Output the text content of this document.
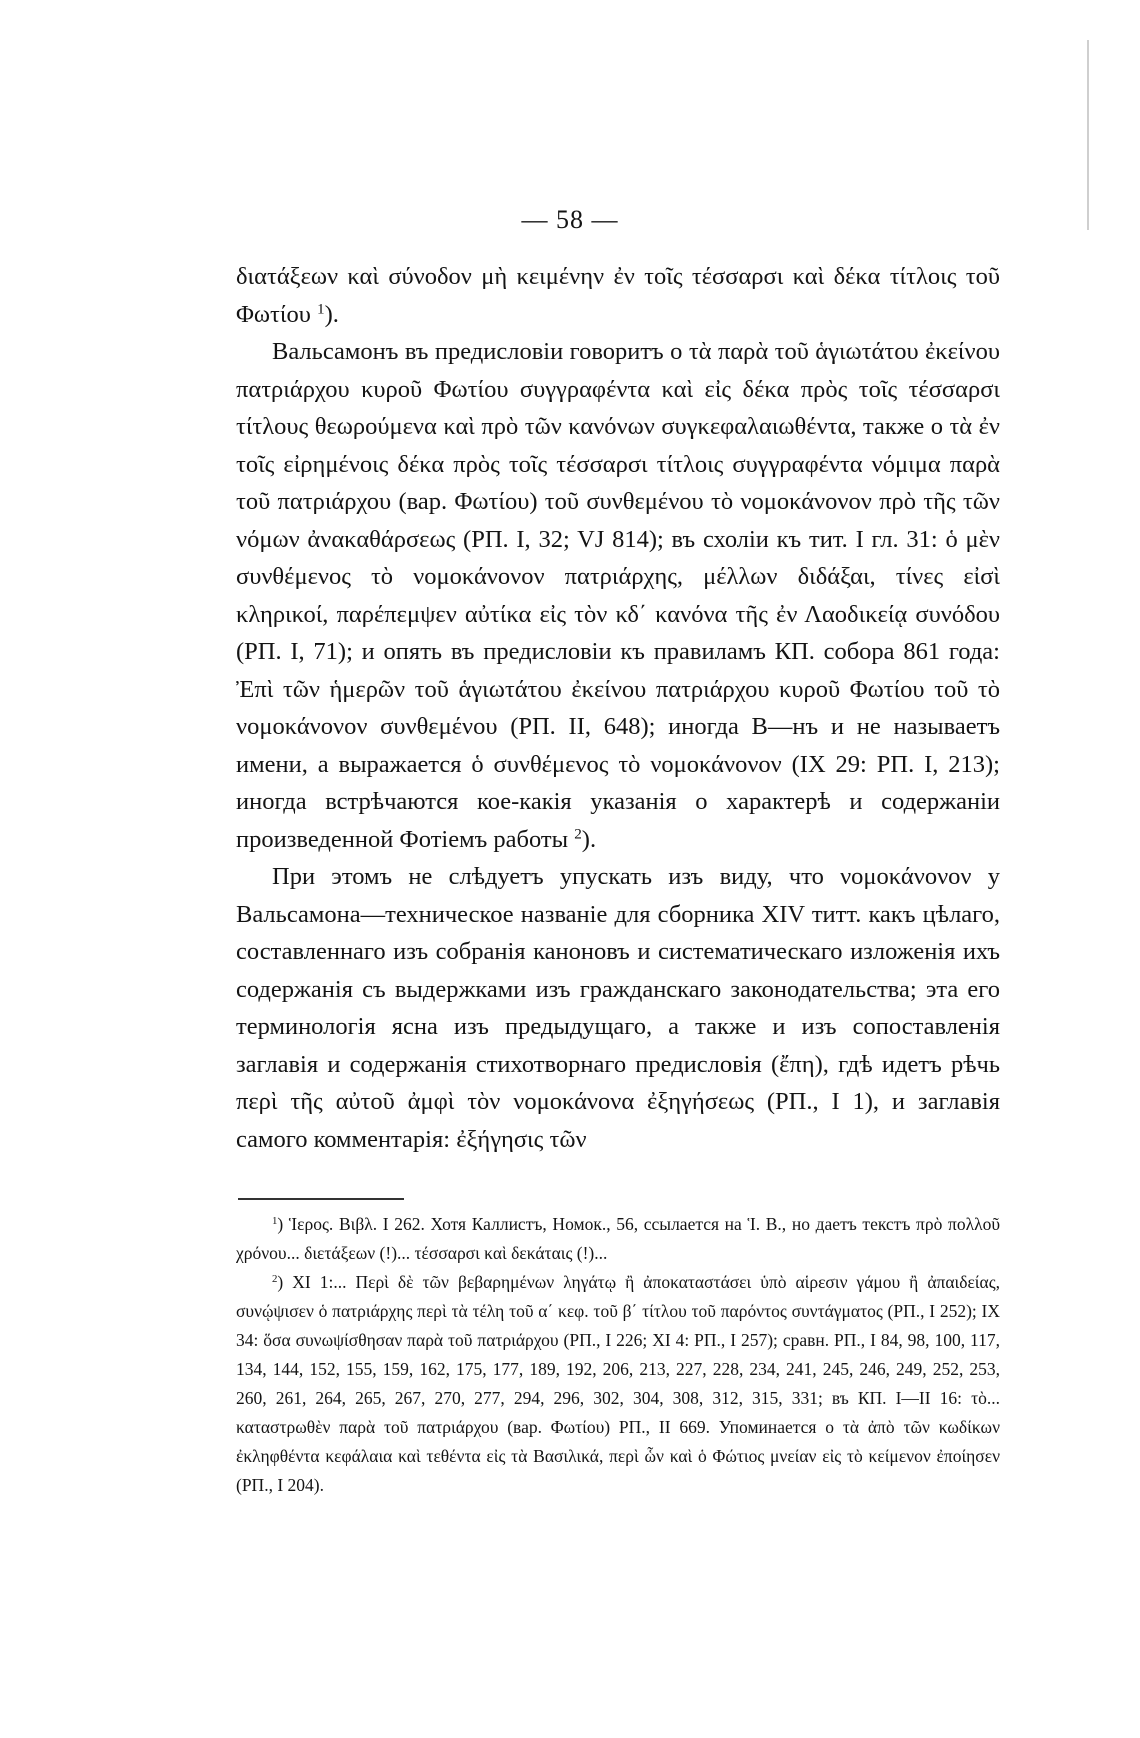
— 58 —

διατάξεων καὶ σύνοδον μὴ κειμένην ἐν τοῖς τέσσαρσι καὶ δέκα τίτλοις τοῦ Φωτίου $^1$).

Вальсамонъ въ предисловіи говоритъ о τὰ παρὰ τοῦ ἁγιωτάτου ἐκείνου πατριάρχου κυροῦ Φωτίου συγγραφέντα καὶ εἰς δέκα πρὸς τοῖς τέσσαρσι τίτλους θεωρούμενα καὶ πρὸ τῶν κανόνων συγκεφαλαιωθέντα, также о τὰ ἐν τοῖς εἰρημένοις δέκα πρὸς τοῖς τέσσαρσι τίτλοις συγγραφέντα νόμιμα παρὰ τοῦ πατριάρχου (вар. Φωτίου) τοῦ συνθεμένου τὸ νομοκάνονον πρὸ τῆς τῶν νόμων ἀνακαθάρσεως (РП. I, 32; VJ 814); въ схоліи къ тит. I гл. 31: ὁ μὲν συνθέμενος τὸ νομοκάνονον πατριάρχης, μέλλων διδάξαι, τίνες εἰσὶ κληρικοί, παρέπεμψεν αὐτίκα εἰς τὸν κδ΄ κανόνα τῆς ἐν Λαοδικείᾳ συνόδου (РП. I, 71); и опять въ предисловіи къ правиламъ КП. собора 861 года: Ἐπὶ τῶν ἡμερῶν τοῦ ἁγιωτάτου ἐκείνου πατριάρχου κυροῦ Φωτίου τοῦ τὸ νομοκάνονον συνθεμένου (РП. II, 648); иногда В—нъ и не называетъ имени, а выражается ὁ συνθέμενος τὸ νομοκάνονον (IX 29: РП. I, 213); иногда встрѣчаются кое-какія указанія о характерѣ и содержаніи произведенной Фотіемъ работы $^2$).

При этомъ не слѣдуетъ упускать изъ виду, что νομοκάνονον у Вальсамона—техническое названіе для сборника XIV титт. какъ цѣлаго, составленнаго изъ собранія каноновъ и систематическаго изложенія ихъ содержанія съ выдержками изъ гражданскаго законодательства; эта его терминологія ясна изъ предыдущаго, а также и изъ сопоставленія заглавія и содержанія стихотворнаго предисловія (ἔπη), гдѣ идетъ рѣчь περὶ τῆς αὐτοῦ ἀμφὶ τὸν νομοκάνονα ἐξηγήσεως (РП., I 1), и заглавія самого комментарія: ἐξήγησις τῶν

$^1$) Ἱερος. Βιβλ. I 262. Хотя Каллистъ, Номок., 56, ссылается на Ἱ. Β., но даетъ текстъ πρὸ πολλοῦ χρόνου... διετάξεων (!)... τέσσαρσι καὶ δεκάταις (!)...

$^2$) XI 1:... Περὶ δὲ τῶν βεβαρημένων ληγάτῳ ἢ ἀποκαταστάσει ὑπὸ αἱρεσιν γάμου ἢ ἀπαιδείας, συνῴψισεν ὁ πατριάρχης περὶ τὰ τέλη τοῦ α΄ κεφ. τοῦ β΄ τίτλου τοῦ παρόντος συντάγματος (РП., I 252); IX 34: ὅσα συνωψίσθησαν παρὰ τοῦ πατριάρχου (РП., I 226; XI 4: РП., I 257); сравн. РП., I 84, 98, 100, 117, 134, 144, 152, 155, 159, 162, 175, 177, 189, 192, 206, 213, 227, 228, 234, 241, 245, 246, 249, 252, 253, 260, 261, 264, 265, 267, 270, 277, 294, 296, 302, 304, 308, 312, 315, 331; въ КП. I—II 16: τὸ... καταστρωθὲν παρὰ τοῦ πατριάρχου (вар. Φωτίου) РП., II 669. Упоминается о τὰ ἀπὸ τῶν κωδίκων ἐκληφθέντα κεφάλαια καὶ τεθέντα εἰς τὰ Βασιλικά, περὶ ὧν καὶ ὁ Φώτιος μνείαν εἰς τὸ κείμενον ἐποίησεν (РП., I 204).
